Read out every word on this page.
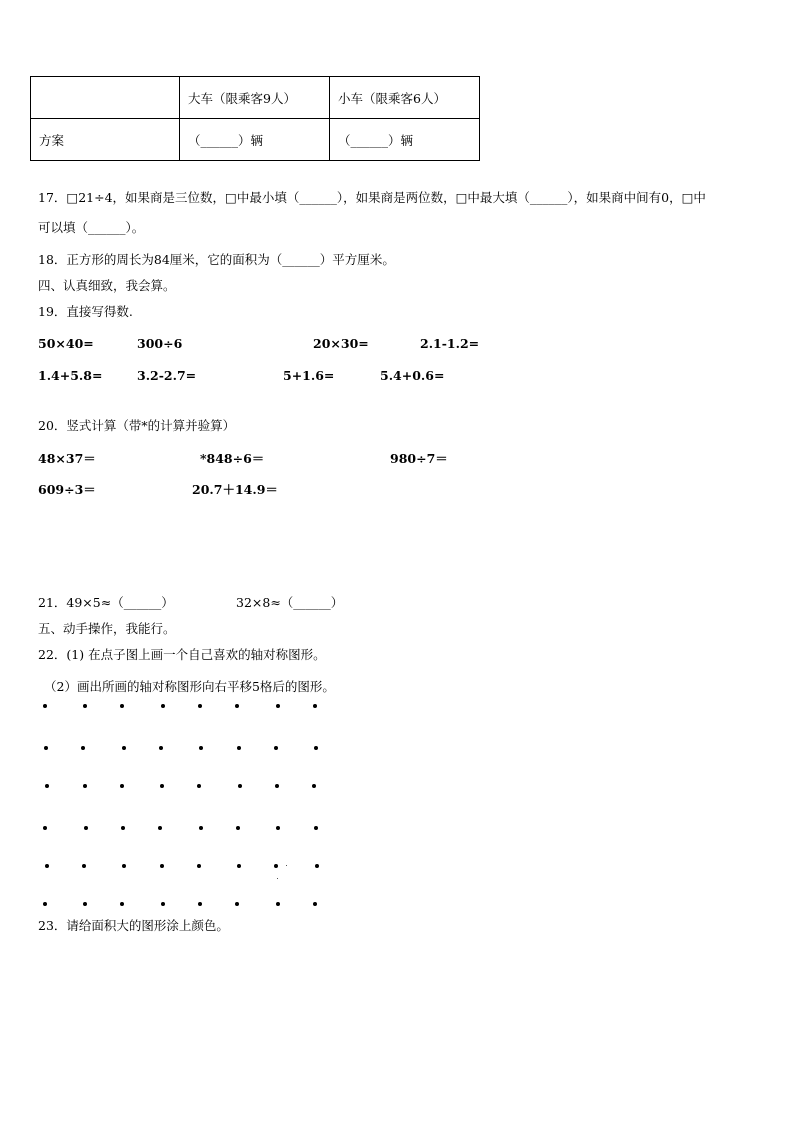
	大车（限乘客9人）	小车（限乘客6人）
方案	（______）辆	（______）辆
17．□21÷4，如果商是三位数，□中最小填（______），如果商是两位数，□中最大填（______），如果商中间有0，□中
可以填（______）。
18．正方形的周长为84厘米，它的面积为（______）平方厘米。
四、认真细致，我会算。
19．直接写得数.
50×40=	300÷6	20×30=	2.1-1.2=
1.4+5.8=	3.2-2.7=	5+1.6=	5.4+0.6=
20．竖式计算（带*的计算并验算）
48×37＝	*848÷6＝	980÷7＝
609÷3＝	20.7＋14.9＝
21．49×5≈（______）	32×8≈（______）
五、动手操作，我能行。
22．(1) 在点子图上画一个自己喜欢的轴对称图形。
（2）画出所画的轴对称图形向右平移5格后的图形。
23．请给面积大的图形涂上颜色。
